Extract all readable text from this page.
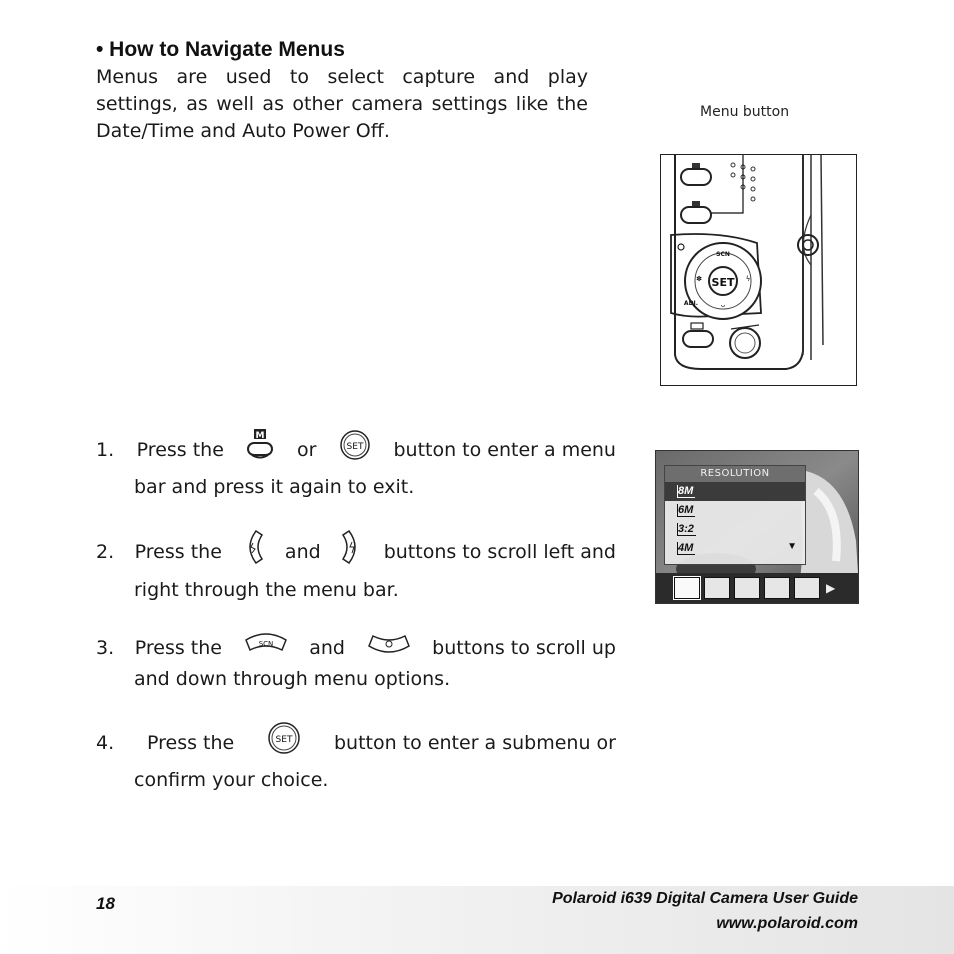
• How to Navigate Menus

Menus are used to select capture and play settings, as well as other camera settings like the Date/Time and Auto Power Off.

Menu button
SET
SCN
✽	ϟ
ᴗ
ADJ.
1. Press the
M
or	SET button to enter a menu
bar and press it again to exit.
2. Press the	and	buttons to scroll left and
right through the menu bar.
3. Press the	SCN and	buttons to scroll up
and down through menu options.
4. Press the	SET button to enter a submenu or
confirm your choice.
RESOLUTION
8M
6M
3:2
4M	▼
▶
18	Polaroid i639 Digital Camera User Guide
www.polaroid.com
